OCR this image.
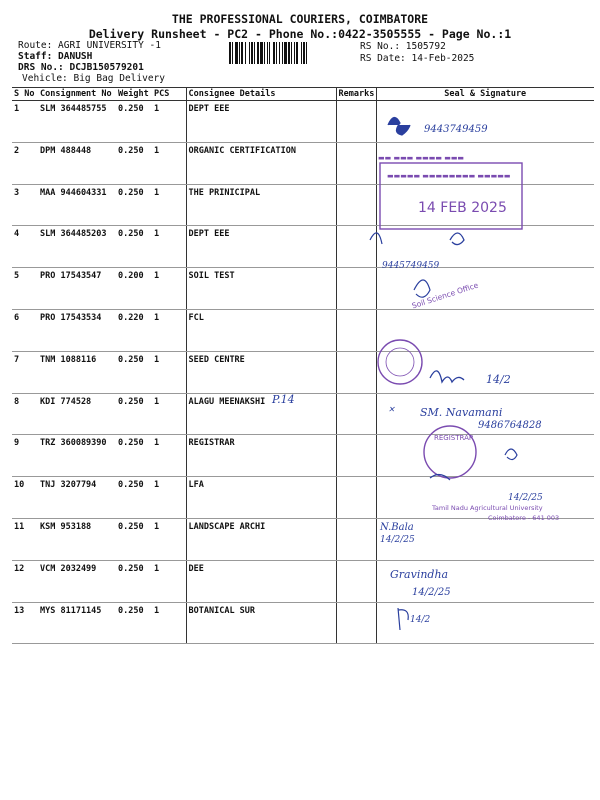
THE PROFESSIONAL COURIERS, COIMBATORE
Delivery Runsheet - PC2 - Phone No.:0422-3505555 - Page No.:1
Route: AGRI UNIVERSITY -1
Staff: DANUSH
DRS No.: DCJB150579201
Vehicle: Big Bag Delivery
RS No.: 1505792
RS Date: 14-Feb-2025
S No	Consignment No	Weight	PCS	Consignee Details	Remarks	Seal & Signature
1	SLM 364485755	0.250	1	DEPT EEE		
2	DPM 488448	0.250	1	ORGANIC CERTIFICATION		
3	MAA 944604331	0.250	1	THE PRINICIPAL		
4	SLM 364485203	0.250	1	DEPT EEE		
5	PRO 17543547	0.200	1	SOIL TEST		
6	PRO 17543534	0.220	1	FCL		
7	TNM 1088116	0.250	1	SEED CENTRE		
8	KDI 774528	0.250	1	ALAGU MEENAKSHI		
9	TRZ 360089390	0.250	1	REGISTRAR		
10	TNJ 3207794	0.250	1	LFA		
11	KSM 953188	0.250	1	LANDSCAPE ARCHI		
12	VCM 2032499	0.250	1	DEE		
13	MYS 81171145	0.250	1	BOTANICAL SUR		
9443749459
▬▬ ▬▬▬ ▬▬▬▬ ▬▬▬
▬▬▬▬▬ ▬▬▬▬▬▬▬▬ ▬▬▬▬▬
14 FEB 2025
9445749459
Soil Science Office
P.14
14/2
✕ SM. Navamani
9486764828
REGISTRAR
14/2/25
Tamil Nadu Agricultural University
Coimbatore - 641 003
N.Bala
14/2/25
Gravindha
14/2/25
14/2
